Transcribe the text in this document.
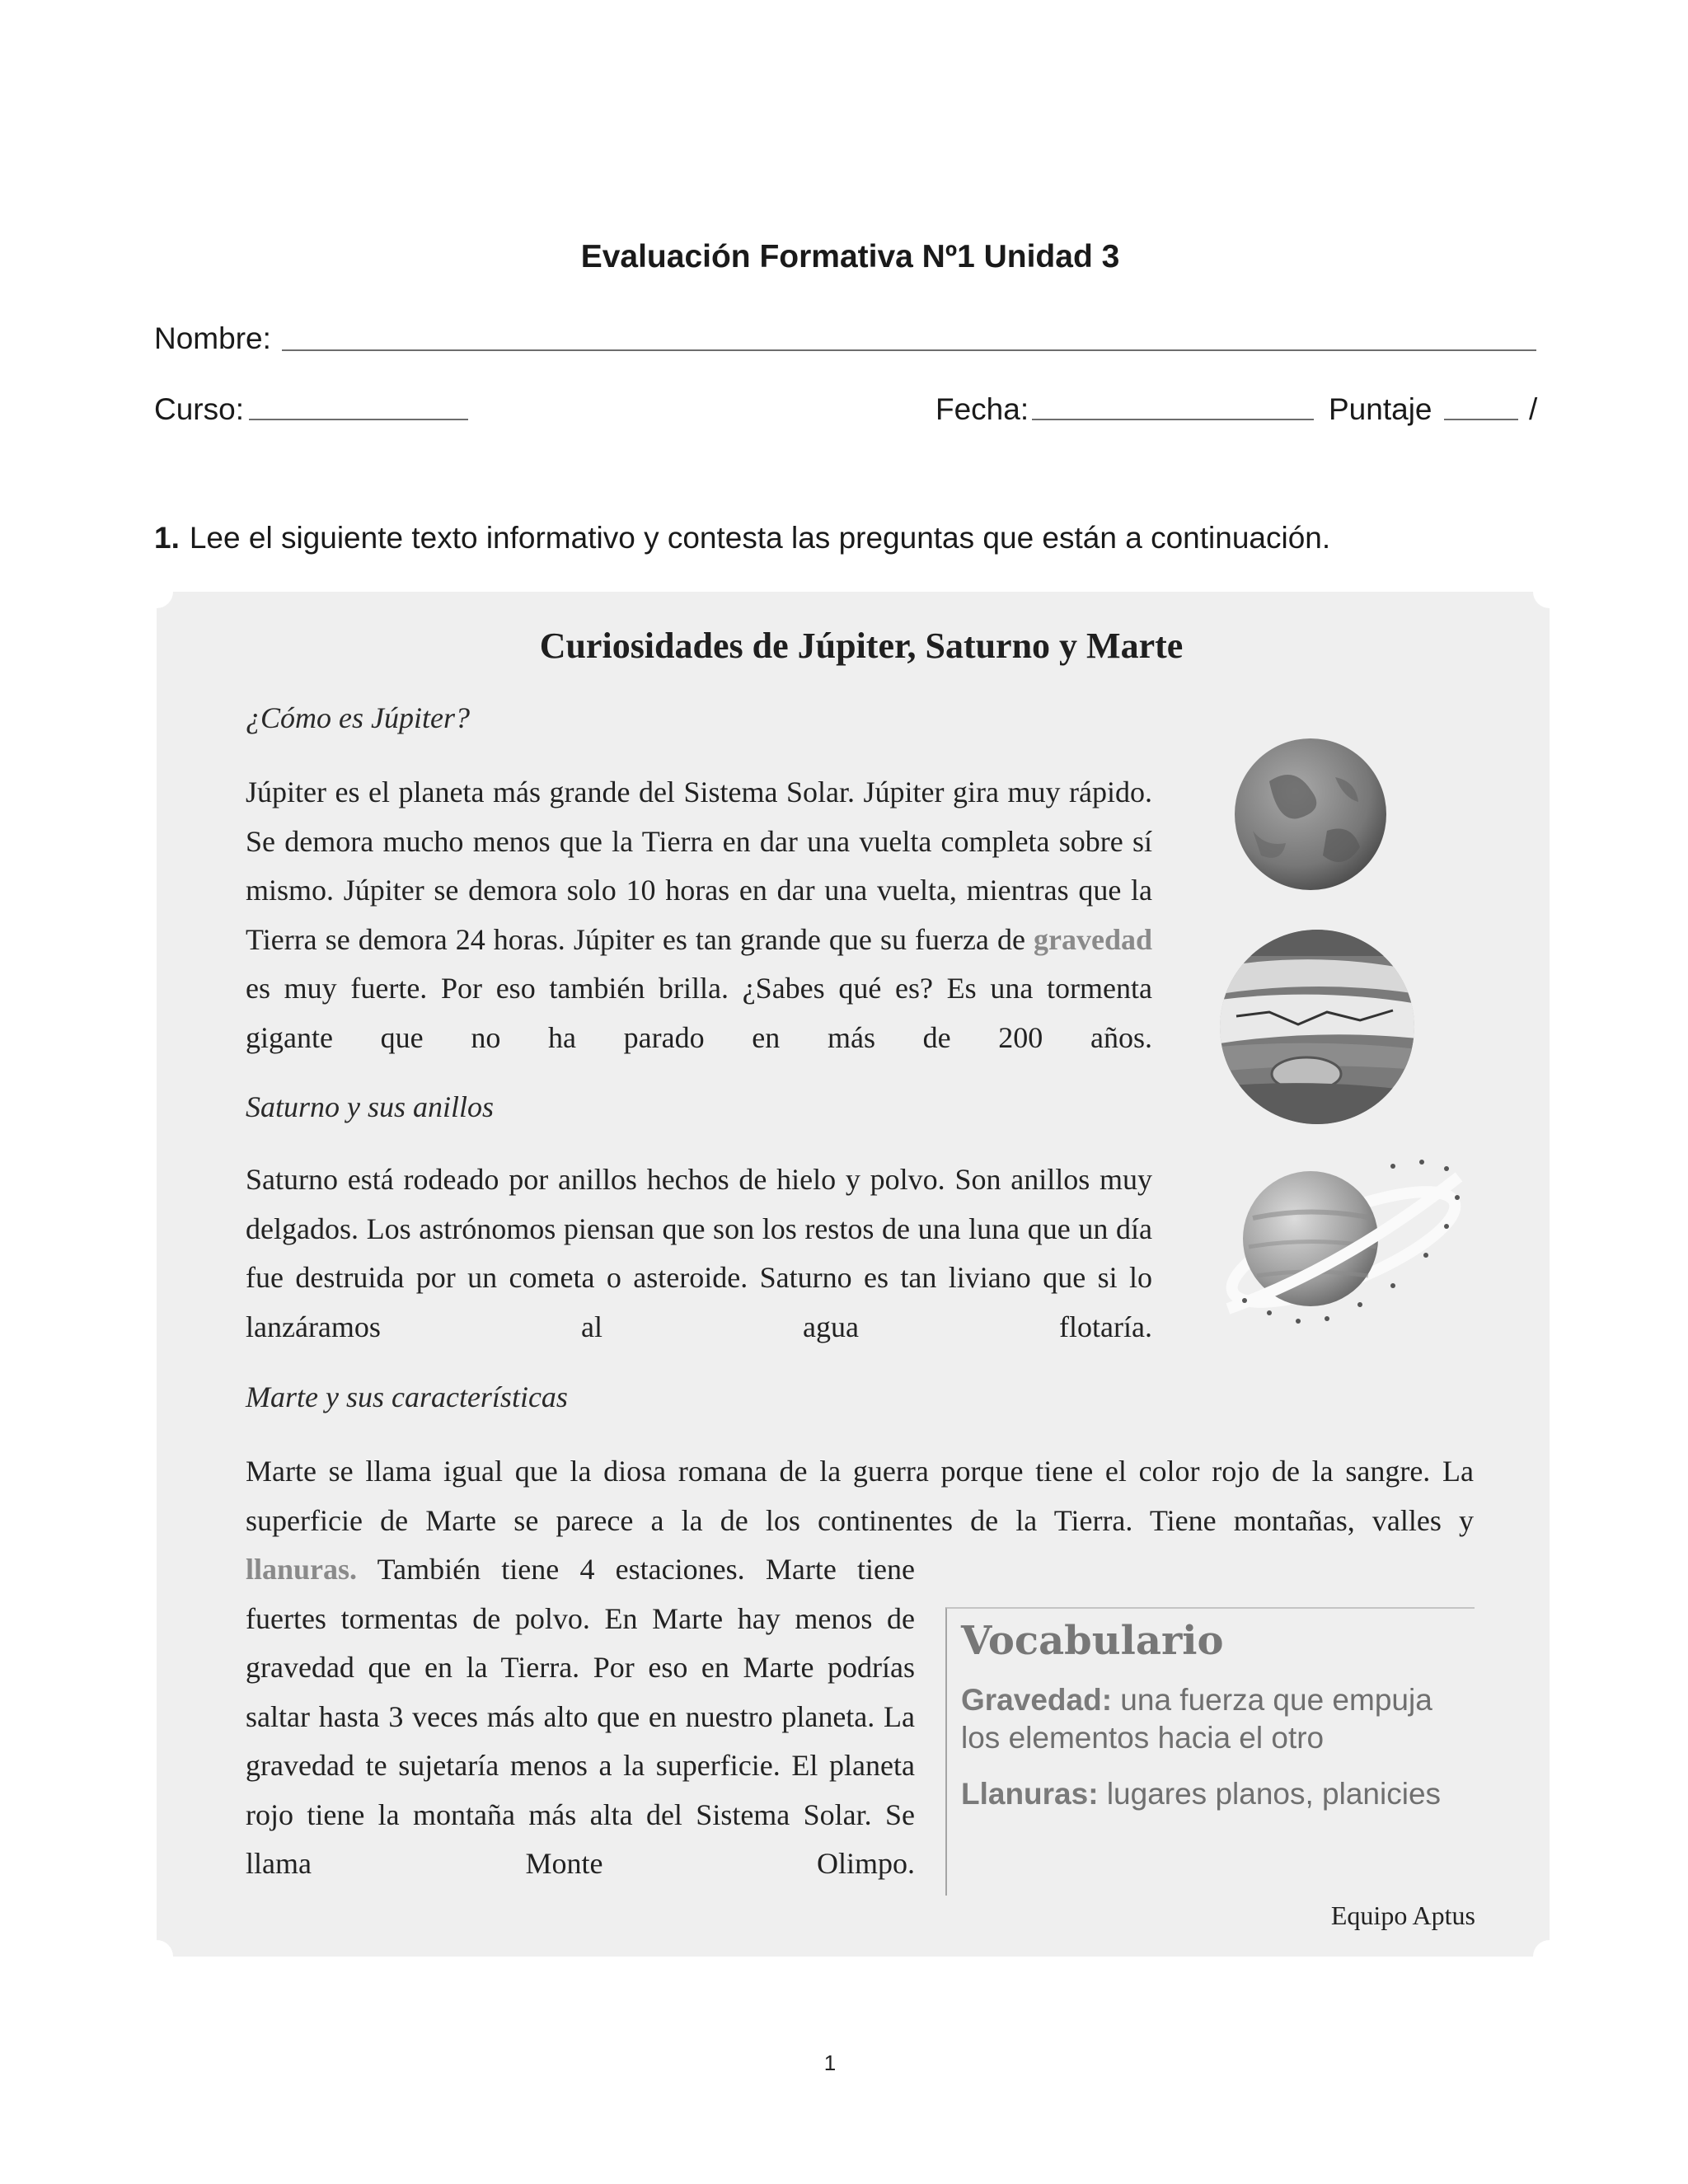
Evaluación Formativa Nº1 Unidad 3
Nombre:
Curso:	Fecha:	Puntaje	/
1. Lee el siguiente texto informativo y contesta las preguntas que están a continuación.
Curiosidades de Júpiter, Saturno y Marte
¿Cómo es Júpiter?

Júpiter es el planeta más grande del Sistema Solar. Júpiter gira muy rápido. Se demora mucho menos que la Tierra en dar una vuelta completa sobre sí mismo. Júpiter se demora solo 10 horas en dar una vuelta, mientras que la Tierra se demora 24 horas. Júpiter es tan grande que su fuerza de gravedad es muy fuerte. Por eso también brilla. ¿Sabes qué es? Es una tormenta gigante que no ha parado en más de 200 años.

Saturno y sus anillos

Saturno está rodeado por anillos hechos de hielo y polvo. Son anillos muy delgados. Los astrónomos piensan que son los restos de una luna que un día fue destruida por un cometa o asteroide. Saturno es tan liviano que si lo lanzáramos al agua flotaría.

Marte y sus características

Marte se llama igual que la diosa romana de la guerra porque tiene el color rojo de la sangre. La superficie de Marte se parece a la de los continentes de la Tierra. Tiene montañas, valles y

llanuras. También tiene 4 estaciones. Marte tiene fuertes tormentas de polvo. En Marte hay menos de gravedad que en la Tierra. Por eso en Marte podrías saltar hasta 3 veces más alto que en nuestro planeta. La gravedad te sujetaría menos a la superficie. El planeta rojo tiene la montaña más alta del Sistema Solar. Se llama Monte Olimpo.

Vocabulario
Gravedad: una fuerza que empuja los elementos hacia el otro
Llanuras: lugares planos, planicies
Equipo Aptus
1
